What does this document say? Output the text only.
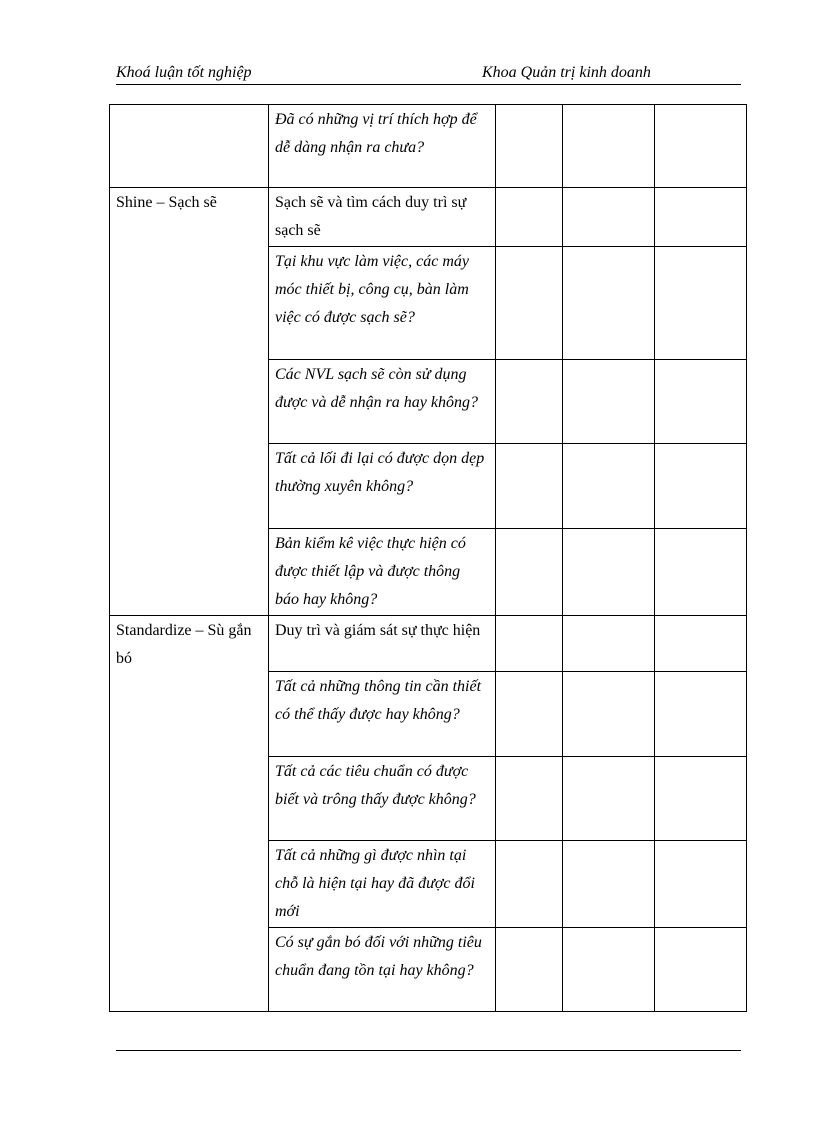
Khoá luận tốt nghiệp	Khoa Quản trị kinh doanh
	Đã có những vị trí thích hợp để dễ dàng nhận ra chưa?			
Shine – Sạch sẽ	Sạch sẽ và tìm cách duy trì sự sạch sẽ			
	Tại khu vực làm việc, các máy móc thiết bị, công cụ, bàn làm việc có được sạch sẽ?			
	Các NVL sạch sẽ còn sử dụng được và dễ nhận ra hay không?			
	Tất cả lối đi lại có được dọn dẹp thường xuyên không?			
	Bản kiểm kê việc thực hiện có được thiết lập và được thông báo hay không?			
Standardize – Sù gắn bó	Duy trì và giám sát sự thực hiện			
	Tất cả những thông tin cần thiết có thể thấy được hay không?			
	Tất cả các tiêu chuẩn có được biết và trông thấy được không?			
	Tất cả những gì được nhìn tại chỗ là hiện tại hay đã được đổi mới			
	Có sự gắn bó đối với những tiêu chuẩn đang tồn tại hay không?			
